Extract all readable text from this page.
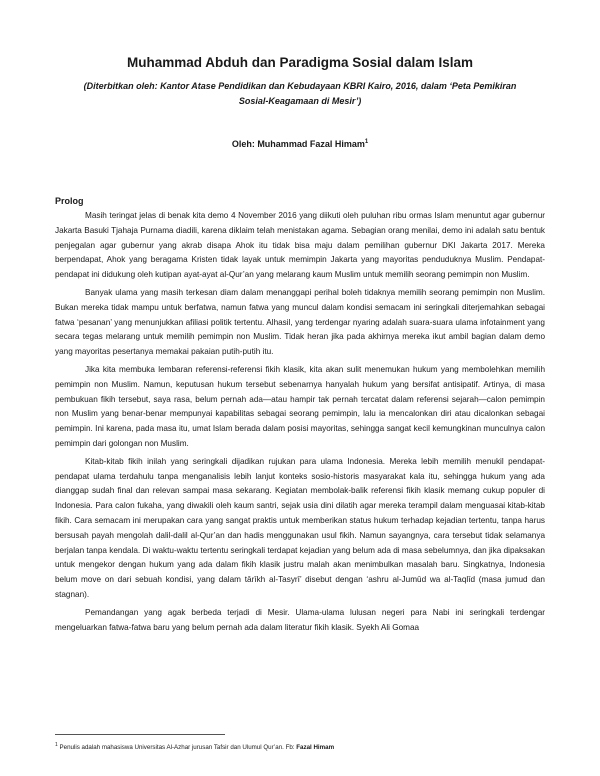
Muhammad Abduh dan Paradigma Sosial dalam Islam

(Diterbitkan oleh: Kantor Atase Pendidikan dan Kebudayaan KBRI Kairo, 2016, dalam ‘Peta Pemikiran Sosial-Keagamaan di Mesir’)

Oleh: Muhammad Fazal Himam$^1$
Prolog

Masih teringat jelas di benak kita demo 4 November 2016 yang diikuti oleh puluhan ribu ormas Islam menuntut agar gubernur Jakarta Basuki Tjahaja Purnama diadili, karena diklaim telah menistakan agama. Sebagian orang menilai, demo ini adalah satu bentuk penjegalan agar gubernur yang akrab disapa Ahok itu tidak bisa maju dalam pemilihan gubernur DKI Jakarta 2017. Mereka berpendapat, Ahok yang beragama Kristen tidak layak untuk memimpin Jakarta yang mayoritas penduduknya Muslim. Pendapat-pendapat ini didukung oleh kutipan ayat-ayat al-Qur’an yang melarang kaum Muslim untuk memilih seorang pemimpin non Muslim.

Banyak ulama yang masih terkesan diam dalam menanggapi perihal boleh tidaknya memilih seorang pemimpin non Muslim. Bukan mereka tidak mampu untuk berfatwa, namun fatwa yang muncul dalam kondisi semacam ini seringkali diterjemahkan sebagai fatwa ‘pesanan’ yang menunjukkan afiliasi politik tertentu. Alhasil, yang terdengar nyaring adalah suara-suara ulama infotainment yang secara tegas melarang untuk memilih pemimpin non Muslim. Tidak heran jika pada akhirnya mereka ikut ambil bagian dalam demo yang mayoritas pesertanya memakai pakaian putih-putih itu.

Jika kita membuka lembaran referensi-referensi fikih klasik, kita akan sulit menemukan hukum yang membolehkan memilih pemimpin non Muslim. Namun, keputusan hukum tersebut sebenarnya hanyalah hukum yang bersifat antisipatif. Artinya, di masa pembukuan fikih tersebut, saya rasa, belum pernah ada—atau hampir tak pernah tercatat dalam referensi sejarah—calon pemimpin non Muslim yang benar-benar mempunyai kapabilitas sebagai seorang pemimpin, lalu ia mencalonkan diri atau dicalonkan sebagai pemimpin. Ini karena, pada masa itu, umat Islam berada dalam posisi mayoritas, sehingga sangat kecil kemungkinan munculnya calon pemimpin dari golongan non Muslim.

Kitab-kitab fikih inilah yang seringkali dijadikan rujukan para ulama Indonesia. Mereka lebih memilih menukil pendapat-pendapat ulama terdahulu tanpa menganalisis lebih lanjut konteks sosio-historis masyarakat kala itu, sehingga hukum yang ada dianggap sudah final dan relevan sampai masa sekarang. Kegiatan membolak-balik referensi fikih klasik memang cukup populer di Indonesia. Para calon fukaha, yang diwakili oleh kaum santri, sejak usia dini dilatih agar mereka terampil dalam menguasai kitab-kitab fikih. Cara semacam ini merupakan cara yang sangat praktis untuk memberikan status hukum terhadap kejadian tertentu, tanpa harus bersusah payah mengolah dalil-dalil al-Qur’an dan hadis menggunakan usul fikih. Namun sayangnya, cara tersebut tidak selamanya berjalan tanpa kendala. Di waktu-waktu tertentu seringkali terdapat kejadian yang belum ada di masa sebelumnya, dan jika dipaksakan untuk mengekor dengan hukum yang ada dalam fikih klasik justru malah akan menimbulkan masalah baru. Singkatnya, Indonesia belum move on dari sebuah kondisi, yang dalam tārīkh al-Tasyrī’ disebut dengan ‘ashru al-Jumūd wa al-Taqlīd (masa jumud dan stagnan).

Pemandangan yang agak berbeda terjadi di Mesir. Ulama-ulama lulusan negeri para Nabi ini seringkali terdengar mengeluarkan fatwa-fatwa baru yang belum pernah ada dalam literatur fikih klasik. Syekh Ali Gomaa

$^1$ Penulis adalah mahasiswa Universitas Al-Azhar jurusan Tafsir dan Ulumul Qur’an. Fb: Fazal Himam
